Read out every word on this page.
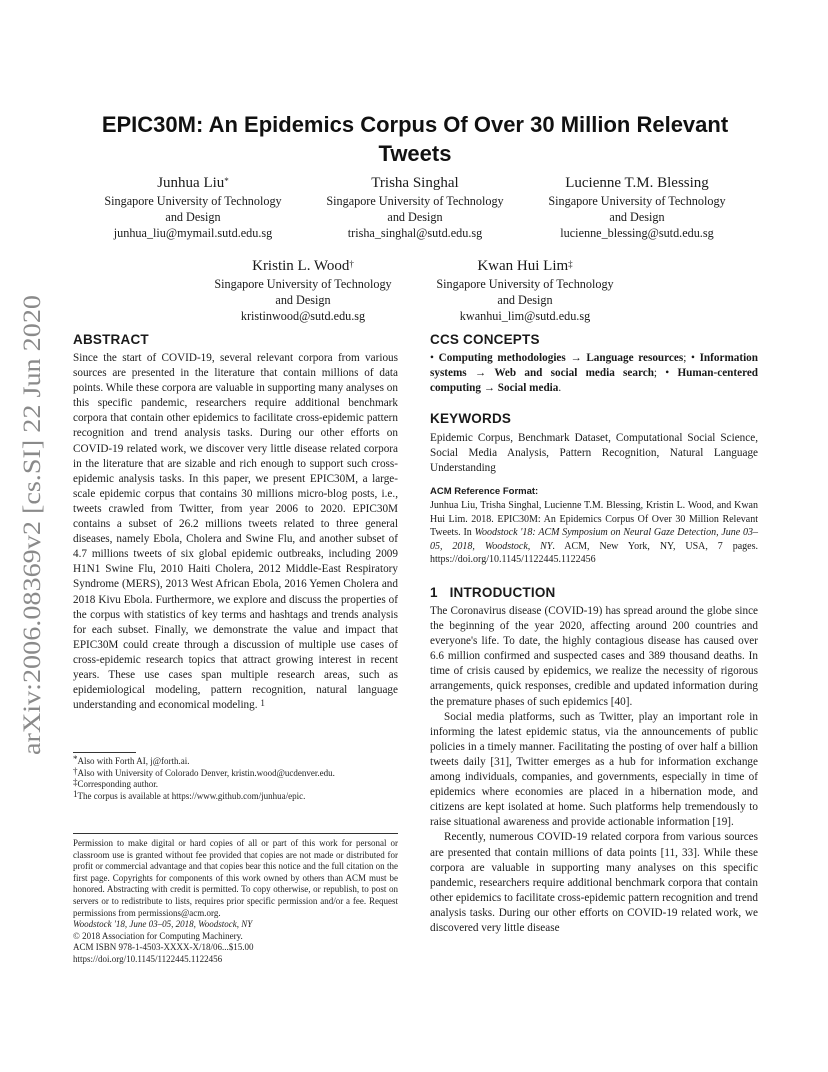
arXiv:2006.08369v2 [cs.SI] 22 Jun 2020
EPIC30M: An Epidemics Corpus Of Over 30 Million Relevant
Tweets
Junhua Liu*
Singapore University of Technology
and Design
junhua_liu@mymail.sutd.edu.sg
Trisha Singhal
Singapore University of Technology
and Design
trisha_singhal@sutd.edu.sg
Lucienne T.M. Blessing
Singapore University of Technology
and Design
lucienne_blessing@sutd.edu.sg
Kristin L. Wood†
Singapore University of Technology
and Design
kristinwood@sutd.edu.sg
Kwan Hui Lim‡
Singapore University of Technology
and Design
kwanhui_lim@sutd.edu.sg
ABSTRACT
Since the start of COVID-19, several relevant corpora from various sources are presented in the literature that contain millions of data points. While these corpora are valuable in supporting many analyses on this specific pandemic, researchers require additional benchmark corpora that contain other epidemics to facilitate cross-epidemic pattern recognition and trend analysis tasks. During our other efforts on COVID-19 related work, we discover very little disease related corpora in the literature that are sizable and rich enough to support such cross-epidemic analysis tasks. In this paper, we present EPIC30M, a large-scale epidemic corpus that contains 30 millions micro-blog posts, i.e., tweets crawled from Twitter, from year 2006 to 2020. EPIC30M contains a subset of 26.2 millions tweets related to three general diseases, namely Ebola, Cholera and Swine Flu, and another subset of 4.7 millions tweets of six global epidemic outbreaks, including 2009 H1N1 Swine Flu, 2010 Haiti Cholera, 2012 Middle-East Respiratory Syndrome (MERS), 2013 West African Ebola, 2016 Yemen Cholera and 2018 Kivu Ebola. Furthermore, we explore and discuss the properties of the corpus with statistics of key terms and hashtags and trends analysis for each subset. Finally, we demonstrate the value and impact that EPIC30M could create through a discussion of multiple use cases of cross-epidemic research topics that attract growing interest in recent years. These use cases span multiple research areas, such as epidemiological modeling, pattern recognition, natural language understanding and economical modeling. $^1$
*Also with Forth AI, j@forth.ai.
†Also with University of Colorado Denver, kristin.wood@ucdenver.edu.
‡Corresponding author.
$^1$The corpus is available at https://www.github.com/junhua/epic.
Permission to make digital or hard copies of all or part of this work for personal or classroom use is granted without fee provided that copies are not made or distributed for profit or commercial advantage and that copies bear this notice and the full citation on the first page. Copyrights for components of this work owned by others than ACM must be honored. Abstracting with credit is permitted. To copy otherwise, or republish, to post on servers or to redistribute to lists, requires prior specific permission and/or a fee. Request permissions from permissions@acm.org.
Woodstock '18, June 03–05, 2018, Woodstock, NY
© 2018 Association for Computing Machinery.
ACM ISBN 978-1-4503-XXXX-X/18/06...$15.00
https://doi.org/10.1145/1122445.1122456
CCS CONCEPTS
• Computing methodologies → Language resources; • Information systems → Web and social media search; • Human-centered computing → Social media.
KEYWORDS
Epidemic Corpus, Benchmark Dataset, Computational Social Science, Social Media Analysis, Pattern Recognition, Natural Language Understanding
ACM Reference Format:
Junhua Liu, Trisha Singhal, Lucienne T.M. Blessing, Kristin L. Wood, and Kwan Hui Lim. 2018. EPIC30M: An Epidemics Corpus Of Over 30 Million Relevant Tweets. In Woodstock '18: ACM Symposium on Neural Gaze Detection, June 03–05, 2018, Woodstock, NY. ACM, New York, NY, USA, 7 pages. https://doi.org/10.1145/1122445.1122456
1 INTRODUCTION

The Coronavirus disease (COVID-19) has spread around the globe since the beginning of the year 2020, affecting around 200 countries and everyone's life. To date, the highly contagious disease has caused over 6.6 million confirmed and suspected cases and 389 thousand deaths. In time of crisis caused by epidemics, we realize the necessity of rigorous arrangements, quick responses, credible and updated information during the premature phases of such epidemics [40].

Social media platforms, such as Twitter, play an important role in informing the latest epidemic status, via the announcements of public policies in a timely manner. Facilitating the posting of over half a billion tweets daily [31], Twitter emerges as a hub for information exchange among individuals, companies, and governments, especially in time of epidemics where economies are placed in a hibernation mode, and citizens are kept isolated at home. Such platforms help tremendously to raise situational awareness and provide actionable information [19].

Recently, numerous COVID-19 related corpora from various sources are presented that contain millions of data points [11, 33]. While these corpora are valuable in supporting many analyses on this specific pandemic, researchers require additional benchmark corpora that contain other epidemics to facilitate cross-epidemic pattern recognition and trend analysis tasks. During our other efforts on COVID-19 related work, we discovered very little disease
